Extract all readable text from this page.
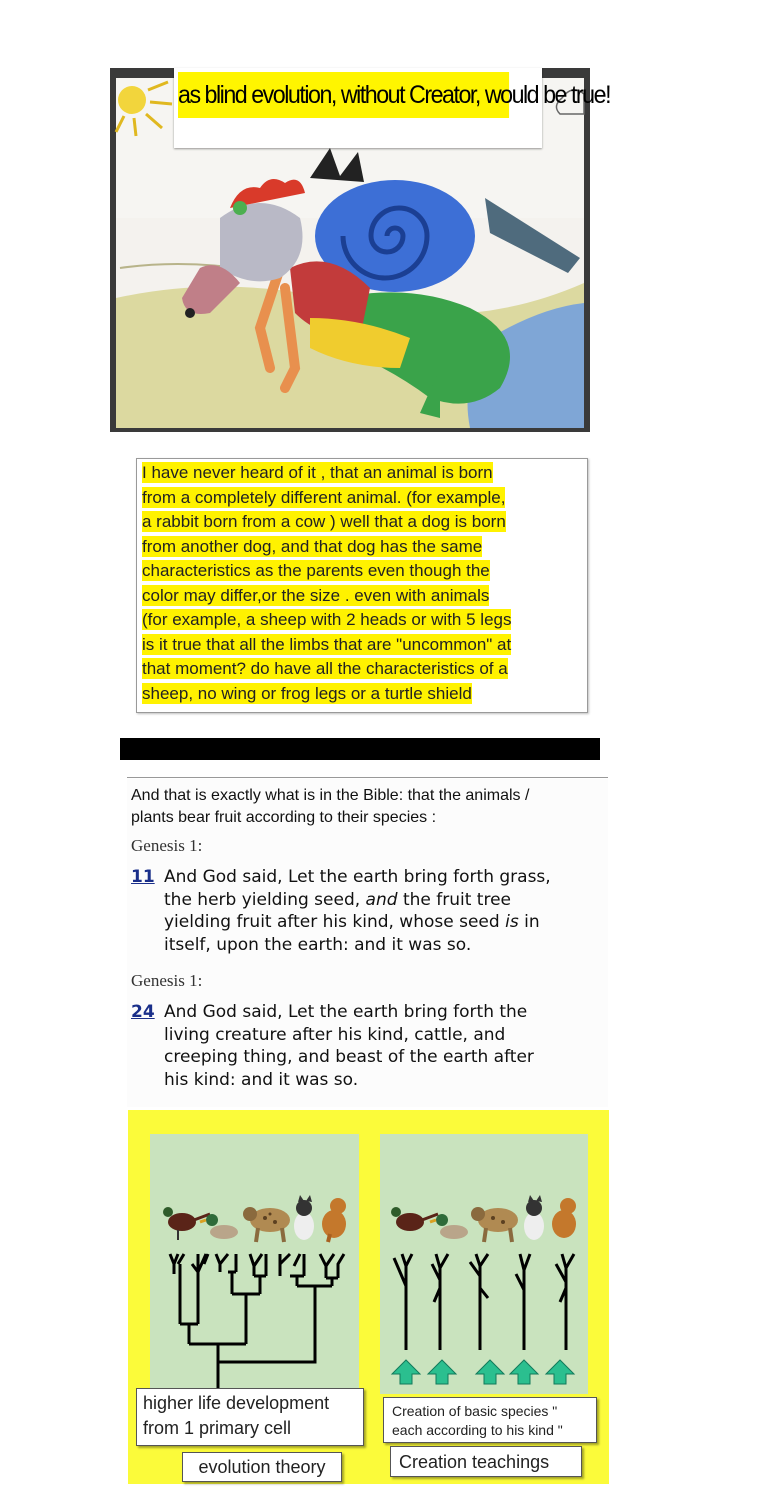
as blind evolution, without Creator, would be true!
I have never heard of it , that an animal is born
from a completely different animal. (for example,
a rabbit born from a cow ) well that a dog is born
from another dog, and that dog has the same
characteristics as the parents even though the
color may differ,or the size . even with animals
(for example, a sheep with 2 heads or with 5 legs
is it true that all the limbs that are "uncommon" at
that moment? do have all the characteristics of a
sheep, no wing or frog legs or a turtle shield
And that is exactly what is in the Bible: that the animals /
plants bear fruit according to their species :
Genesis 1:
11 And God said, Let the earth bring forth grass,
the herb yielding seed, and the fruit tree
yielding fruit after his kind, whose seed is in
itself, upon the earth: and it was so.
Genesis 1:
24 And God said, Let the earth bring forth the
living creature after his kind, cattle, and
creeping thing, and beast of the earth after
his kind: and it was so.
higher life development
from 1 primary cell
evolution theory
Creation of basic species "
each according to his kind "
Creation teachings
